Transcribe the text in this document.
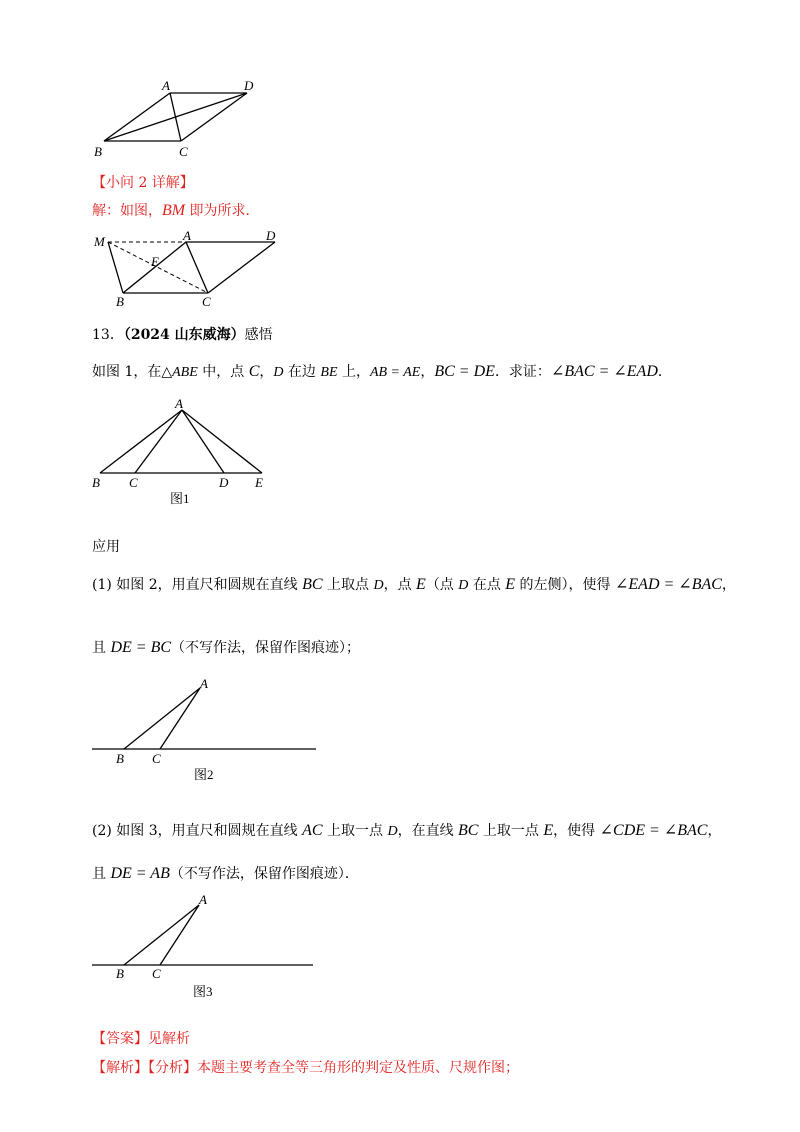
A	D
B	C
【小问 2 详解】
解：如图，BM 即为所求．
M	A	D
E
B	C
13．（2024 山东威海）感悟
如图 1，在△ABE 中，点 C，D 在边 BE 上，AB = AE，BC = DE．求证：∠BAC = ∠EAD．
A
B C	D E
图1
应用
(1) 如图 2，用直尺和圆规在直线 BC 上取点 D，点 E（点 D 在点 E 的左侧），使得 ∠EAD = ∠BAC，
且 DE = BC（不写作法，保留作图痕迹）；
A
B C
图2
(2) 如图 3，用直尺和圆规在直线 AC 上取一点 D，在直线 BC 上取一点 E，使得 ∠CDE = ∠BAC，
且 DE = AB（不写作法，保留作图痕迹）．
A
B C
图3
【答案】见解析
【解析】【分析】本题主要考查全等三角形的判定及性质、尺规作图；
